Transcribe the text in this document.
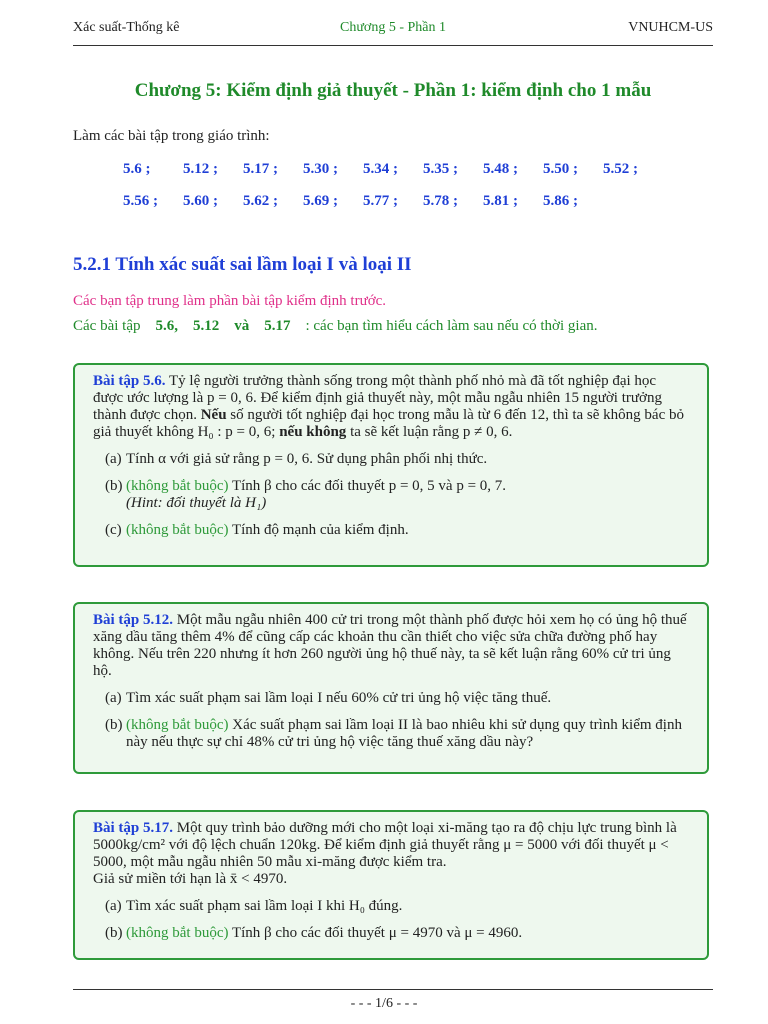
Xác suất-Thống kê	Chương 5 - Phần 1	VNUHCM-US
Chương 5: Kiểm định giả thuyết - Phần 1: kiểm định cho 1 mẫu
Làm các bài tập trong giáo trình:
5.6 ; 5.12 ; 5.17 ; 5.30 ; 5.34 ; 5.35 ; 5.48 ; 5.50 ; 5.52 ;
5.56 ; 5.60 ; 5.62 ; 5.69 ; 5.77 ; 5.78 ; 5.81 ; 5.86 ;
5.2.1 Tính xác suất sai lầm loại I và loại II
Các bạn tập trung làm phần bài tập kiểm định trước.
Các bài tập 5.6, 5.12 và 5.17 : các bạn tìm hiểu cách làm sau nếu có thời gian.

Bài tập 5.6. Tỷ lệ người trưởng thành sống trong một thành phố nhỏ mà đã tốt nghiệp đại học được ước lượng là p = 0, 6. Để kiểm định giả thuyết này, một mẫu ngẫu nhiên 15 người trưởng thành được chọn. Nếu số người tốt nghiệp đại học trong mẫu là từ 6 đến 12, thì ta sẽ không bác bỏ giả thuyết không H₀ : p = 0, 6; nếu không ta sẽ kết luận rằng p ≠ 0, 6.

(a) Tính α với giả sử rằng p = 0, 6. Sử dụng phân phối nhị thức.
(b) (không bắt buộc) Tính β cho các đối thuyết p = 0, 5 và p = 0, 7.
(Hint: đối thuyết là H₁)
(c) (không bắt buộc) Tính độ mạnh của kiểm định.

Bài tập 5.12. Một mẫu ngẫu nhiên 400 cử tri trong một thành phố được hỏi xem họ có ủng hộ thuế xăng dầu tăng thêm 4% để cũng cấp các khoản thu cần thiết cho việc sửa chữa đường phố hay không. Nếu trên 220 nhưng ít hơn 260 người ủng hộ thuế này, ta sẽ kết luận rằng 60% cử tri ủng hộ.

(a) Tìm xác suất phạm sai lầm loại I nếu 60% cử tri ủng hộ việc tăng thuế.
(b) (không bắt buộc) Xác suất phạm sai lầm loại II là bao nhiêu khi sử dụng quy trình kiểm định này nếu thực sự chỉ 48% cử tri ủng hộ việc tăng thuế xăng dầu này?

Bài tập 5.17. Một quy trình bảo dưỡng mới cho một loại xi-măng tạo ra độ chịu lực trung bình là 5000kg/cm² với độ lệch chuẩn 120kg. Để kiểm định giả thuyết rằng μ = 5000 với đối thuyết μ < 5000, một mẫu ngẫu nhiên 50 mẫu xi-măng được kiểm tra.
Giả sử miền tới hạn là x̄ < 4970.

(a) Tìm xác suất phạm sai lầm loại I khi H₀ đúng.
(b) (không bắt buộc) Tính β cho các đối thuyết μ = 4970 và μ = 4960.
- - - 1/6 - - -
